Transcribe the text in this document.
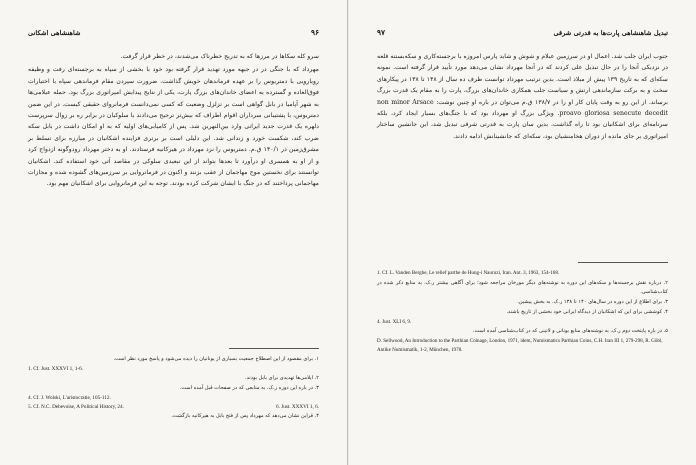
۹۶
شاهنشاهی اشکانی

سرو کله سکاها در مرزها که به تدریج خطرناک می‌شدند، در خطر قرار گرفت.

مهرداد که با جنگی در در جبهه مورد تهدید قرار گرفته بود خود با بخشی از سپاه به برجسته‌ای رفت و وظیفه رویارویی با دمتریوس را بر عهده فرماندهان خویش گذاشت. ضرورت سپردن مقام فرماندهی سپاه با اختیارات فوق‌العاده و گسترده به اعضای خاندان‌های بزرگ پارت، یکی از نتایج پیدایش امپراتوری بزرگ بود. حمله عیلامی‌ها به شهر آپامیا در بابل گواهی است بر تزلزل وضعیت که کسی نمی‌دانست فرمانروای حقیقی کیست. در این ضمن دمتریوس، با پشتیبانی سرداران اقوام اطراف که بیش‌تر ترجیح می‌دادند با سلوکیان در برابر ره بر زوال سرپرست دلهره یک قدرت جدید ایرانی وارد بین‌النهرین شد. پس از کامیابی‌های اولیه که به او امکان داشت در بابل سکه ضرب کند، شکست خورد و زندانی شد. این دلیلی است بر برتری فزاینده اشکانیان در میارزه برای تسلط بر مشرق‌زمین در ۱۴۰/۱ ق.م. دمتریوس را نزد مهرداد در هیرکانیه فرستادند. او به دختر مهرداد رودوگونه ازدواج کرد و از او به همسری او درآورد تا بعدها بتواند از این تبعیدی سلوکی در مقاصد آتی خود استفاده کند. اشکانیان توانستند برای نخستین موج مهاجمان از عقب بزنند و اکنون در فرمانروایی بر سرزمین‌های گشوده شده و مجازات مهاجمانی پرداختند که در جنگ با ایشان شرکت کرده بودند. توجه به این فرمانروایی برای اشکانیان مهم بود.

۱. برای مقصود از این اصطلاح جمعیت بسیاری از یونانیان را دیده می‌شود و پاسخ مورد نظر است.

1. Cf. Just. XXXVI 1, 1-6.

۲. ایلامی‌ها تهدیدی برای بابل بودند.

۳. در باره این دوره ر.ک. به منابعی که در صفحات قبل آمده است.

4. Cf. J. Wolski, L'aristocratie, 105-112.
5. Cf. N.C. Debevoise, A Political History, 24.	6. Just. XXXVI 1, 6.

۴. قراین نشان می‌دهد که مهرداد پس از فتح بابل به هیرکانیه بازگشت.

تبدیل شاهنشاهی پارت‌ها به قدرتی شرقی
۹۷

جنوب ایران جلب شد. اعمال او در سرزمین عیلام و شوش و شاید پارس امروزه با برجسته‌کاری و سکه‌بستنه قلعه در نزدیکی آنجا را در حال تبدیل علی کردند که در آنجا مهرداد نشان می‌دهد مورد تأیید قرار گرفته است. نمونه سکه‌ای که به تاریخ ۱۳۹ پیش از میلاد است. بدین ترتیب مهرداد توانست ظرف ده سال از ۱۴۸ تا ۱۳۸ در پیکارهای سخت و به برکت سازماندهی ارتش و سیاست جلب همکاری خاندان‌های بزرگ، پارت را به مقام یک قدرت بزرگ برساند. از این رو به وقت پایان کار او را در ۱۳۸/۷ ق.م می‌توان در باره او چنین نوشت: non minor Arsace proavo gloriosa senecute decedit. ویژگی بزرگ او مهرداد بود که با جنگ‌های بسیار ایجاد کرد، بلکه سرنامه‌ای برای اشکانیان بود تا راه گذاشت. بدین سان پارت به قدرتی شرقی تبدیل شد، این جانشین ساختار امپراتوری بر جای مانده از دوران هخامنشیان بود، سکه‌ای که جانشینانش ادامه دادند.

1. Cf. L. Vanden Berghe, Le relief parthe de Hung-i Nauruzi, Iran. Ant. 3, 1963, 154-168.

۲. درباره نقش برجسته‌ها و سکه‌های این دوره به نوشته‌های دیگر مورخان مراجعه شود؛ برای آگاهی بیشتر ر.ک. به منابع ذکر شده در کتاب‌شناسی.

۳. برای اطلاع از این دوره در سال‌های ۱۴۰ تا ۱۳۸ ر.ک. به بخش پیشین.

۴. کوششی برای این که اشکانیان از دیدگاه ایرانی خود بخشی از تاریخ باشند.

4. Just. XLI 6, 9.

۵. در باره پایتخت دوم ر.ک. به نوشته‌های منابع یونانی و لاتینی که در کتاب‌شناسی آمده است.

D. Sellwood, An Introduction to the Parthian Coinage, London, 1971, idem, Numismatics Parthian Coins, C.H. Iran III 1, 279-298, R. Göbl, Antike Numismatik, 1-2, München, 1978.
